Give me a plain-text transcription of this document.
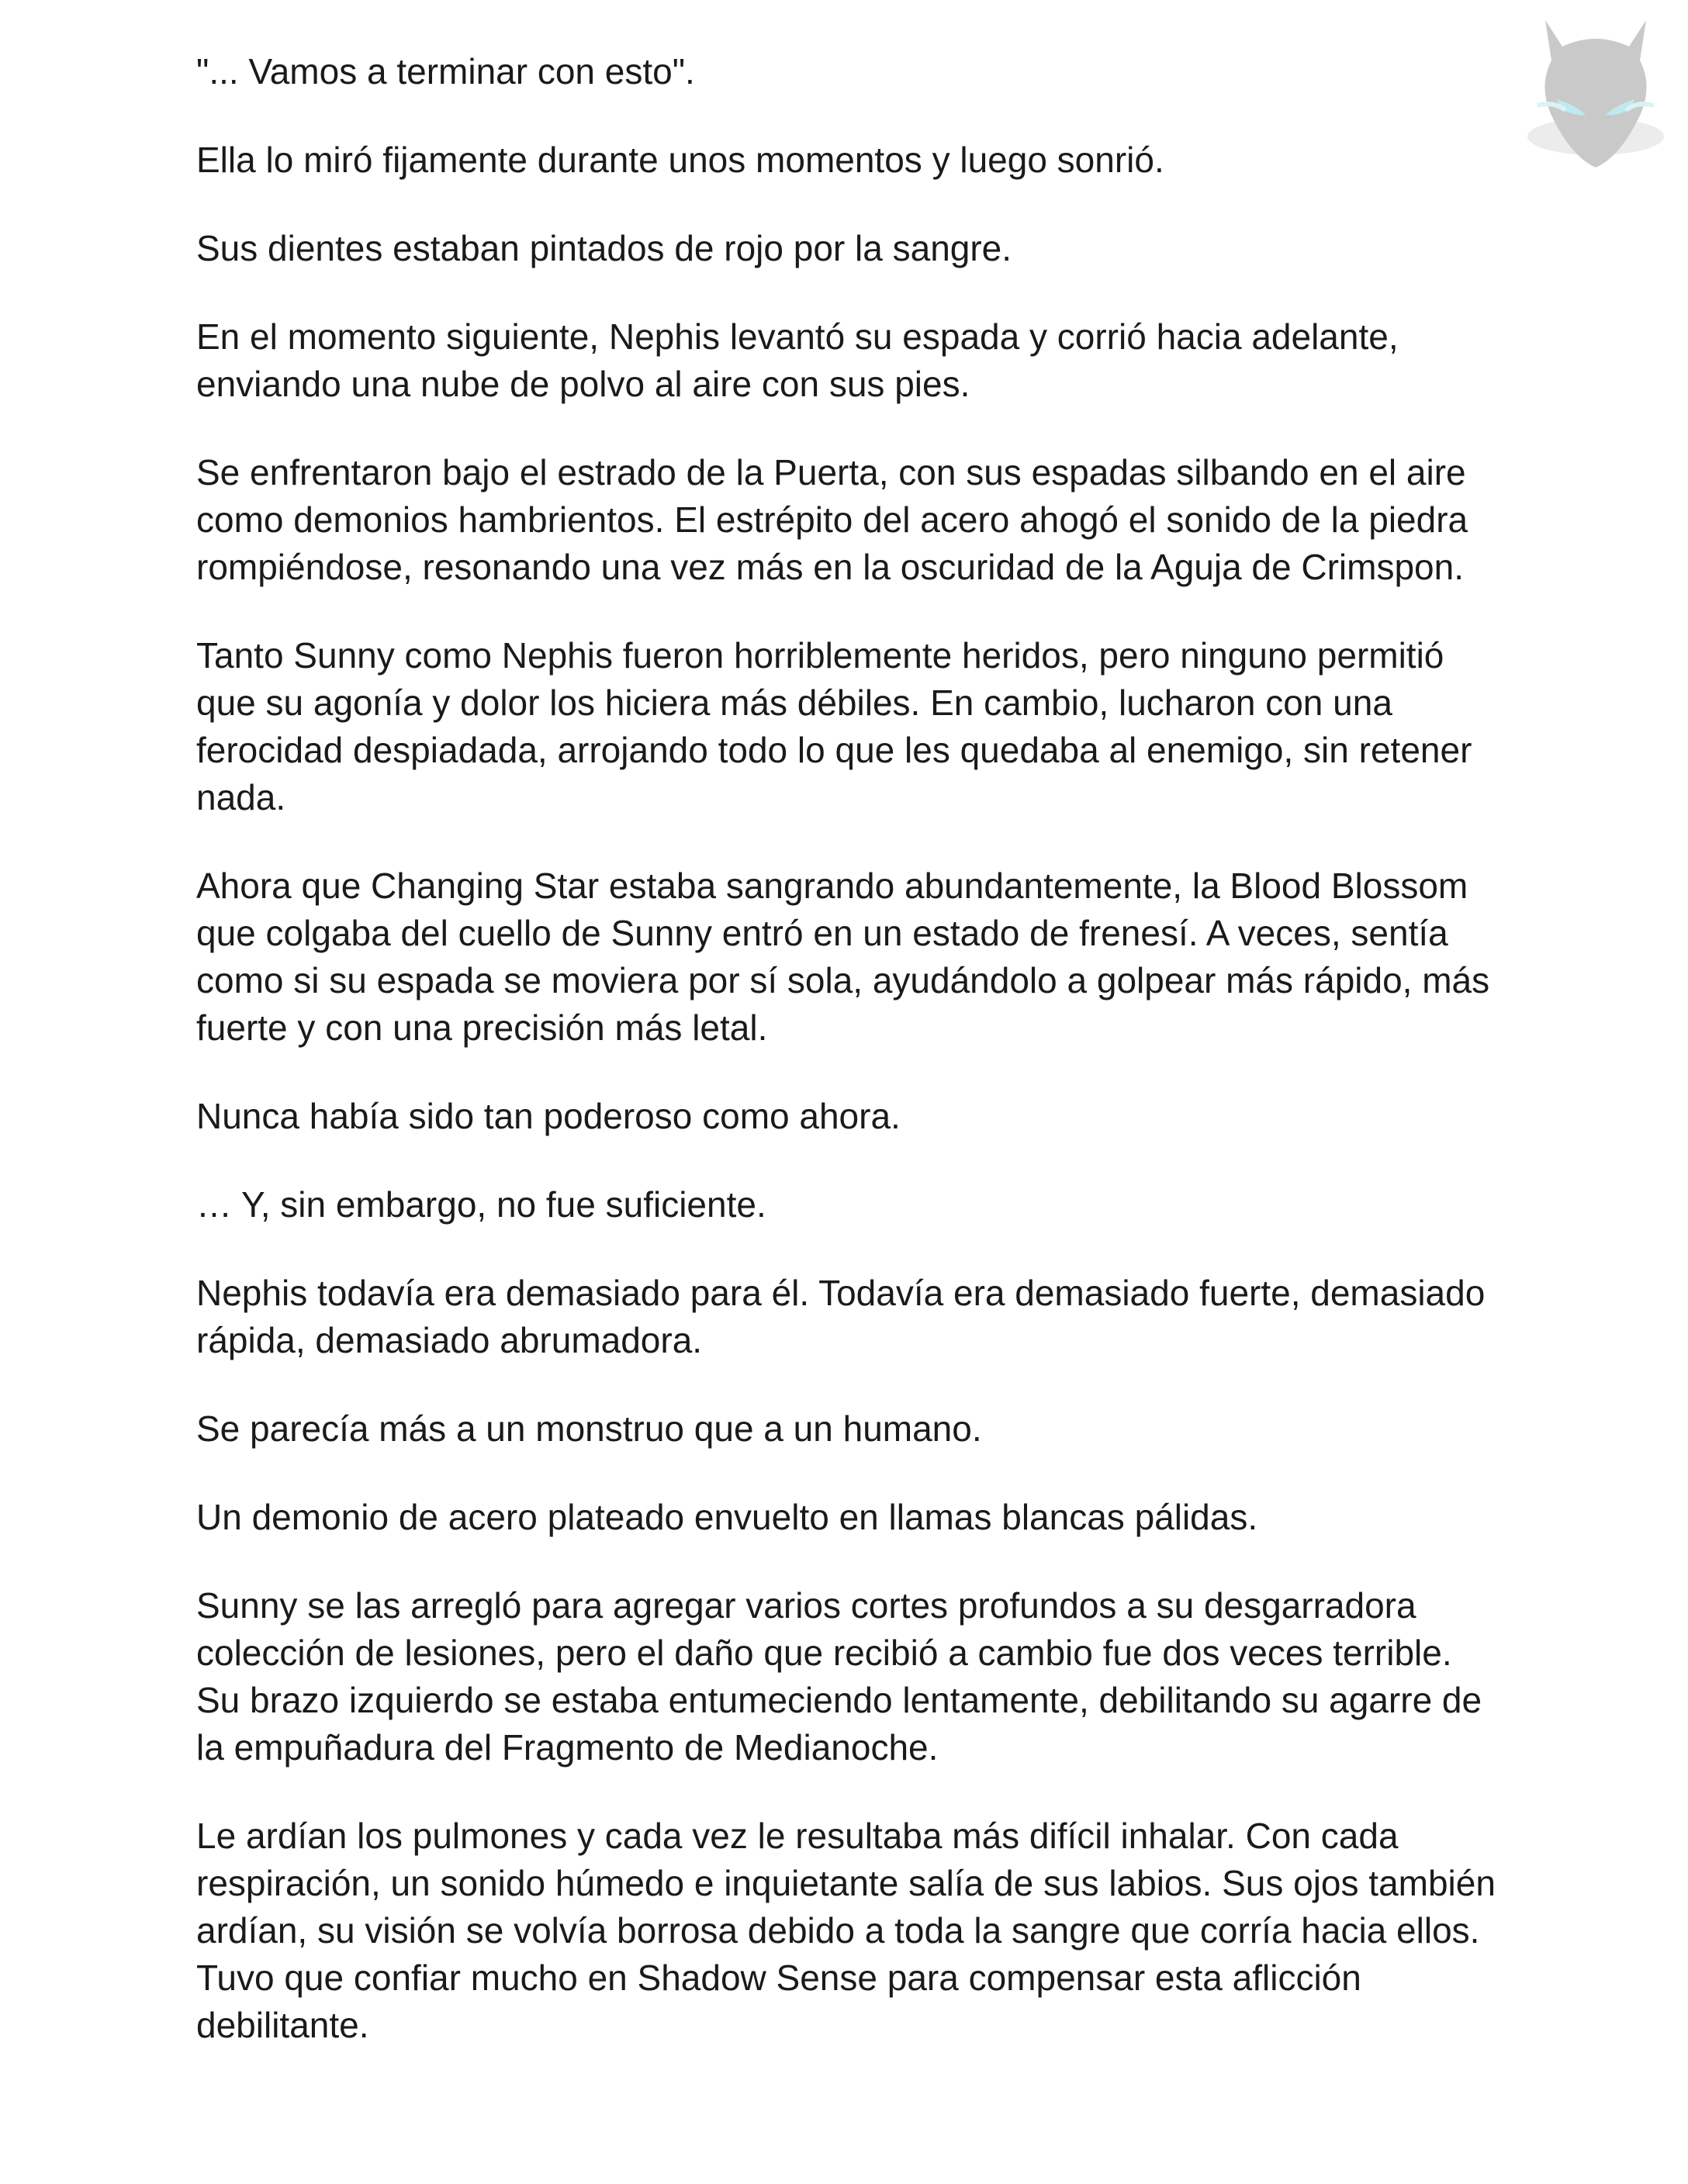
"... Vamos a terminar con esto".

Ella lo miró fijamente durante unos momentos y luego sonrió.

Sus dientes estaban pintados de rojo por la sangre.

En el momento siguiente, Nephis levantó su espada y corrió hacia adelante, enviando una nube de polvo al aire con sus pies.

Se enfrentaron bajo el estrado de la Puerta, con sus espadas silbando en el aire como demonios hambrientos. El estrépito del acero ahogó el sonido de la piedra rompiéndose, resonando una vez más en la oscuridad de la Aguja de Crimspon.

Tanto Sunny como Nephis fueron horriblemente heridos, pero ninguno permitió que su agonía y dolor los hiciera más débiles. En cambio, lucharon con una ferocidad despiadada, arrojando todo lo que les quedaba al enemigo, sin retener nada.

Ahora que Changing Star estaba sangrando abundantemente, la Blood Blossom que colgaba del cuello de Sunny entró en un estado de frenesí. A veces, sentía como si su espada se moviera por sí sola, ayudándolo a golpear más rápido, más fuerte y con una precisión más letal.

Nunca había sido tan poderoso como ahora.

… Y, sin embargo, no fue suficiente.

Nephis todavía era demasiado para él. Todavía era demasiado fuerte, demasiado rápida, demasiado abrumadora.

Se parecía más a un monstruo que a un humano.

Un demonio de acero plateado envuelto en llamas blancas pálidas.

Sunny se las arregló para agregar varios cortes profundos a su desgarradora colección de lesiones, pero el daño que recibió a cambio fue dos veces terrible. Su brazo izquierdo se estaba entumeciendo lentamente, debilitando su agarre de la empuñadura del Fragmento de Medianoche.

Le ardían los pulmones y cada vez le resultaba más difícil inhalar. Con cada respiración, un sonido húmedo e inquietante salía de sus labios. Sus ojos también ardían, su visión se volvía borrosa debido a toda la sangre que corría hacia ellos. Tuvo que confiar mucho en Shadow Sense para compensar esta aflicción debilitante.
